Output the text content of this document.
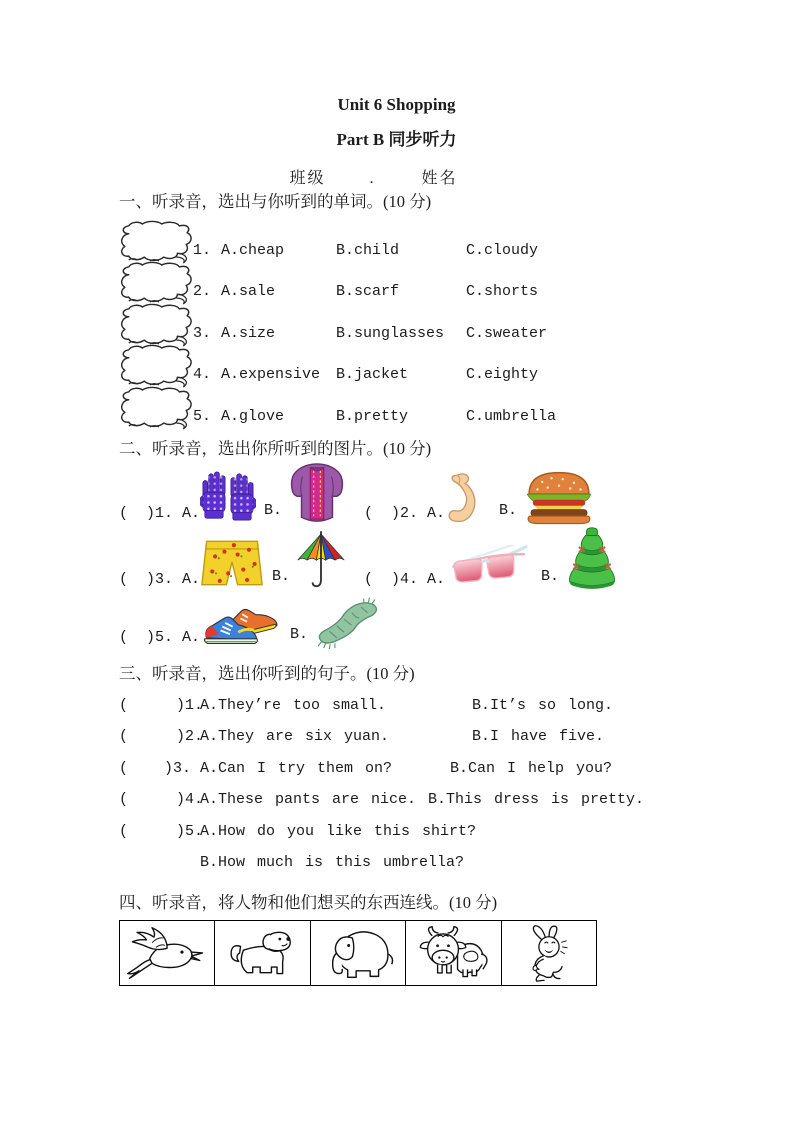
Unit 6 Shopping
Part B 同步听力
班级	.	姓名
一、听录音，选出与你听到的单词。(10 分)
1. A.cheap	B.child	C.cloudy
2. A.sale	B.scarf	C.shorts
3. A.size	B.sunglasses	C.sweater
4. A.expensive	B.jacket	C.eighty
5. A.glove	B.pretty	C.umbrella
二、听录音，选出你所听到的图片。(10 分)
(  )1. A.	B.	(  )2. A.	B.
(  )3. A.	B.	(  )4. A.	B.
(  )5. A.	B.
三、听录音，选出你听到的句子。(10 分)
(    )1. A.They’re too small.	B.It’s so long.
(    )2. A.They are six yuan.	B.I have five.
(   )3. A.Can I try them on?	B.Can I help you?
(    )4. A.These pants are nice. B.This dress is pretty.
(    )5. A.How do you like this shirt?
B.How much is this umbrella?
四、听录音，将人物和他们想买的东西连线。(10 分)
